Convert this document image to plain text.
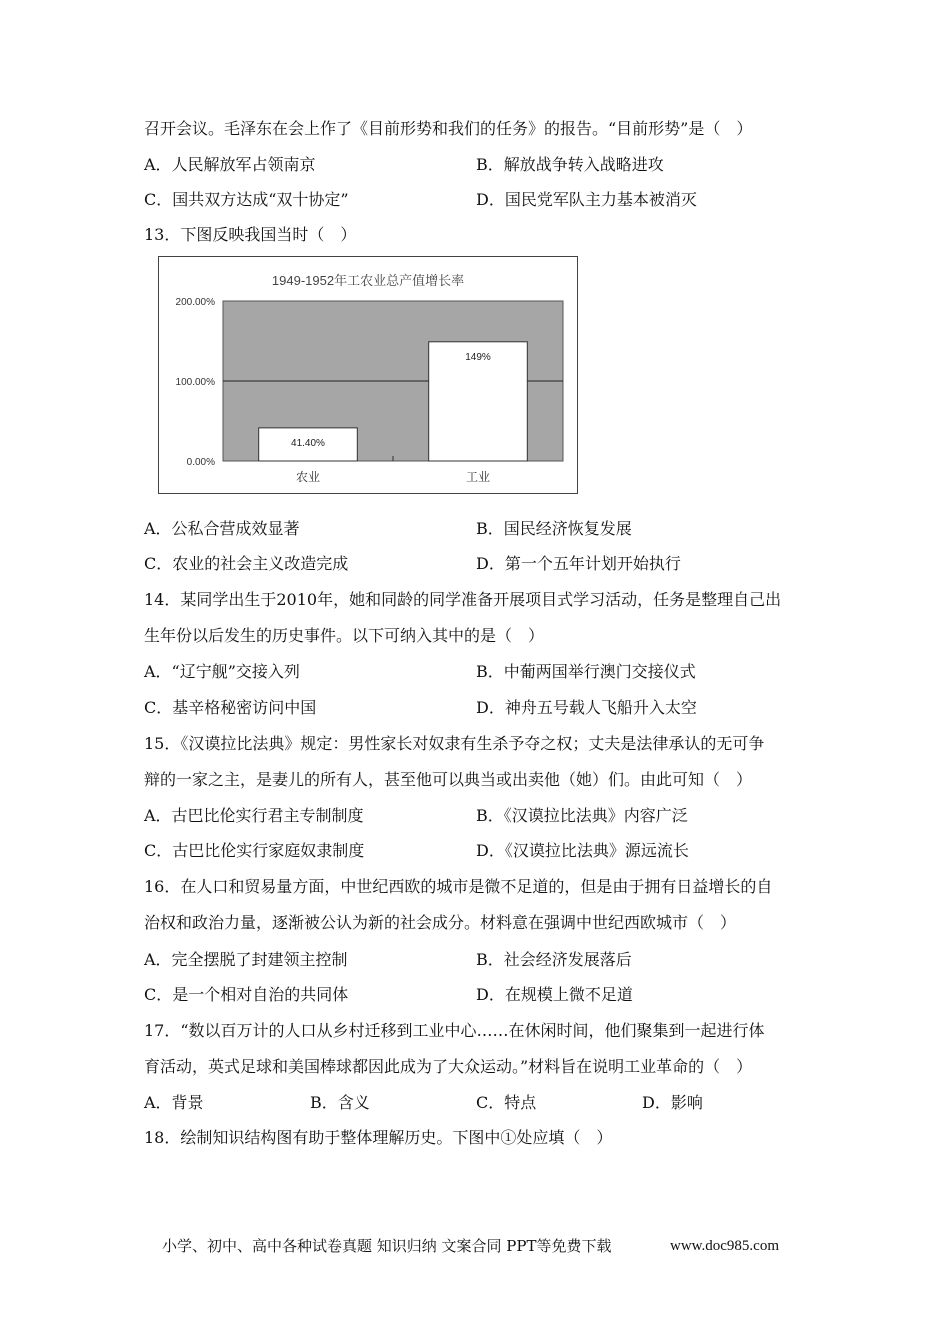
召开会议。毛泽东在会上作了《目前形势和我们的任务》的报告。“目前形势”是（　）
A．人民解放军占领南京	B．解放战争转入战略进攻
C．国共双方达成“双十协定”	D．国民党军队主力基本被消灭
13．下图反映我国当时（　）
1949-1952年工农业总产值增长率
0.00%
100.00%
200.00%
41.40%
农业
149%
工业
A．公私合营成效显著	B．国民经济恢复发展
C．农业的社会主义改造完成	D．第一个五年计划开始执行
14．某同学出生于2010年，她和同龄的同学准备开展项目式学习活动，任务是整理自己出
生年份以后发生的历史事件。以下可纳入其中的是（　）
A．“辽宁舰”交接入列	B．中葡两国举行澳门交接仪式
C．基辛格秘密访问中国	D．神舟五号载人飞船升入太空
15．《汉谟拉比法典》规定：男性家长对奴隶有生杀予夺之权；丈夫是法律承认的无可争
辩的一家之主，是妻儿的所有人，甚至他可以典当或出卖他（她）们。由此可知（　）
A．古巴比伦实行君主专制制度	B．《汉谟拉比法典》内容广泛
C．古巴比伦实行家庭奴隶制度	D．《汉谟拉比法典》源远流长
16．在人口和贸易量方面，中世纪西欧的城市是微不足道的，但是由于拥有日益增长的自
治权和政治力量，逐渐被公认为新的社会成分。材料意在强调中世纪西欧城市（　）
A．完全摆脱了封建领主控制	B．社会经济发展落后
C．是一个相对自治的共同体	D．在规模上微不足道
17．“数以百万计的人口从乡村迁移到工业中心……在休闲时间，他们聚集到一起进行体
育活动，英式足球和美国棒球都因此成为了大众运动。”材料旨在说明工业革命的（　）
A．背景	B．含义	C．特点	D．影响
18．绘制知识结构图有助于整体理解历史。下图中①处应填（　）
小学、初中、高中各种试卷真题 知识归纳 文案合同 PPT等免费下载	www.doc985.com
